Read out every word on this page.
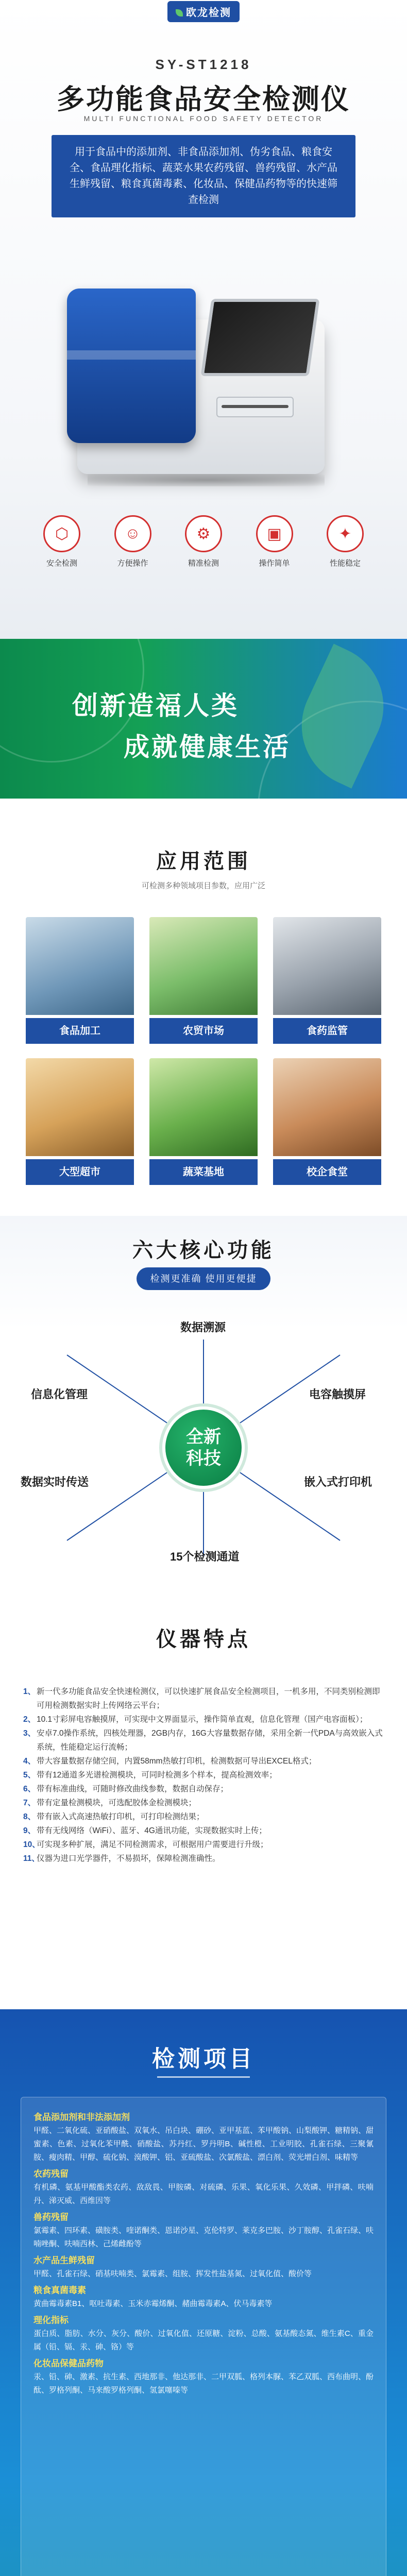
欧龙检测
SY-ST1218
多功能食品安全检测仪
MULTI FUNCTIONAL FOOD SAFETY DETECTOR
用于食品中的添加剂、非食品添加剂、伪劣食品、粮食安全、食品理化指标、蔬菜水果农药残留、兽药残留、水产品生鲜残留、粮食真菌毒素、化妆品、保健品药物等的快速筛查检测
⬡
安全检测
☺
方便操作
⚙
精准检测
▣
操作简单
✦
性能稳定
创新造福人类
成就健康生活
应用范围
可检测多种领域项目参数，应用广泛
食品加工	农贸市场	食药监管
大型超市	蔬菜基地	校企食堂
六大核心功能
检测更准确 使用更便捷
全新
科技
数据溯源
信息化管理	电容触摸屏
数据实时传送	嵌入式打印机
15个检测通道
仪器特点
1、 新一代多功能食品安全快速检测仪，可以快速扩展食品安全检测项目，一机多用，不同类别检测即可用检测数据实时上传网络云平台；
2、 10.1寸彩屏电容触摸屏，可实现中文界面显示，操作简单直观，信息化管理（国产电容面板）；
3、 安卓7.0操作系统，四核处理器，2GB内存，16G大容量数据存储，采用全新一代PDA与高效嵌入式系统，性能稳定运行流畅；
4、 带大容量数据存储空间，内置58mm热敏打印机，检测数据可导出EXCEL格式；
5、 带有12通道多光谱检测模块，可同时检测多个样本，提高检测效率；
6、 带有标准曲线，可随时修改曲线参数，数据自动保存；
7、 带有定量检测模块，可选配胶体金检测模块；
8、 带有嵌入式高速热敏打印机，可打印检测结果；
9、 带有无线网络（WiFi）、蓝牙、4G通讯功能，实现数据实时上传；
10、
可实现多种扩展，满足不同检测需求，可根据用户需要进行升级；
11、
仪器为进口光学器件，不易损坏，保障检测准确性。
检测项目
食品添加剂和非法添加剂
甲醛、二氧化硫、亚硝酸盐、双氧水、吊白块、硼砂、亚甲基蓝、苯甲酸钠、山梨酸钾、糖精钠、甜蜜素、色素、过氧化苯甲酰、硝酸盐、苏丹红、罗丹明B、碱性橙、工业明胶、孔雀石绿、三聚氰胺、瘦肉精、甲醇、硫化钠、溴酸钾、铝、亚硫酸盐、次氯酸盐、漂白剂、荧光增白剂、味精等
农药残留
有机磷、氨基甲酸酯类农药、敌敌畏、甲胺磷、对硫磷、乐果、氧化乐果、久效磷、甲拌磷、呋喃丹、涕灭威、西维因等
兽药残留
氯霉素、四环素、磺胺类、喹诺酮类、恩诺沙星、克伦特罗、莱克多巴胺、沙丁胺醇、孔雀石绿、呋喃唑酮、呋喃西林、己烯雌酚等
水产品生鲜残留
甲醛、孔雀石绿、硝基呋喃类、氯霉素、组胺、挥发性盐基氮、过氧化值、酸价等
粮食真菌毒素
黄曲霉毒素B1、呕吐毒素、玉米赤霉烯酮、赭曲霉毒素A、伏马毒素等
理化指标
蛋白质、脂肪、水分、灰分、酸价、过氧化值、还原糖、淀粉、总酸、氨基酸态氮、维生素C、重金属（铅、镉、汞、砷、铬）等
化妆品保健品药物
汞、铅、砷、激素、抗生素、西地那非、他达那非、二甲双胍、格列本脲、苯乙双胍、西布曲明、酚酞、罗格列酮、马来酸罗格列酮、氢氯噻嗪等
